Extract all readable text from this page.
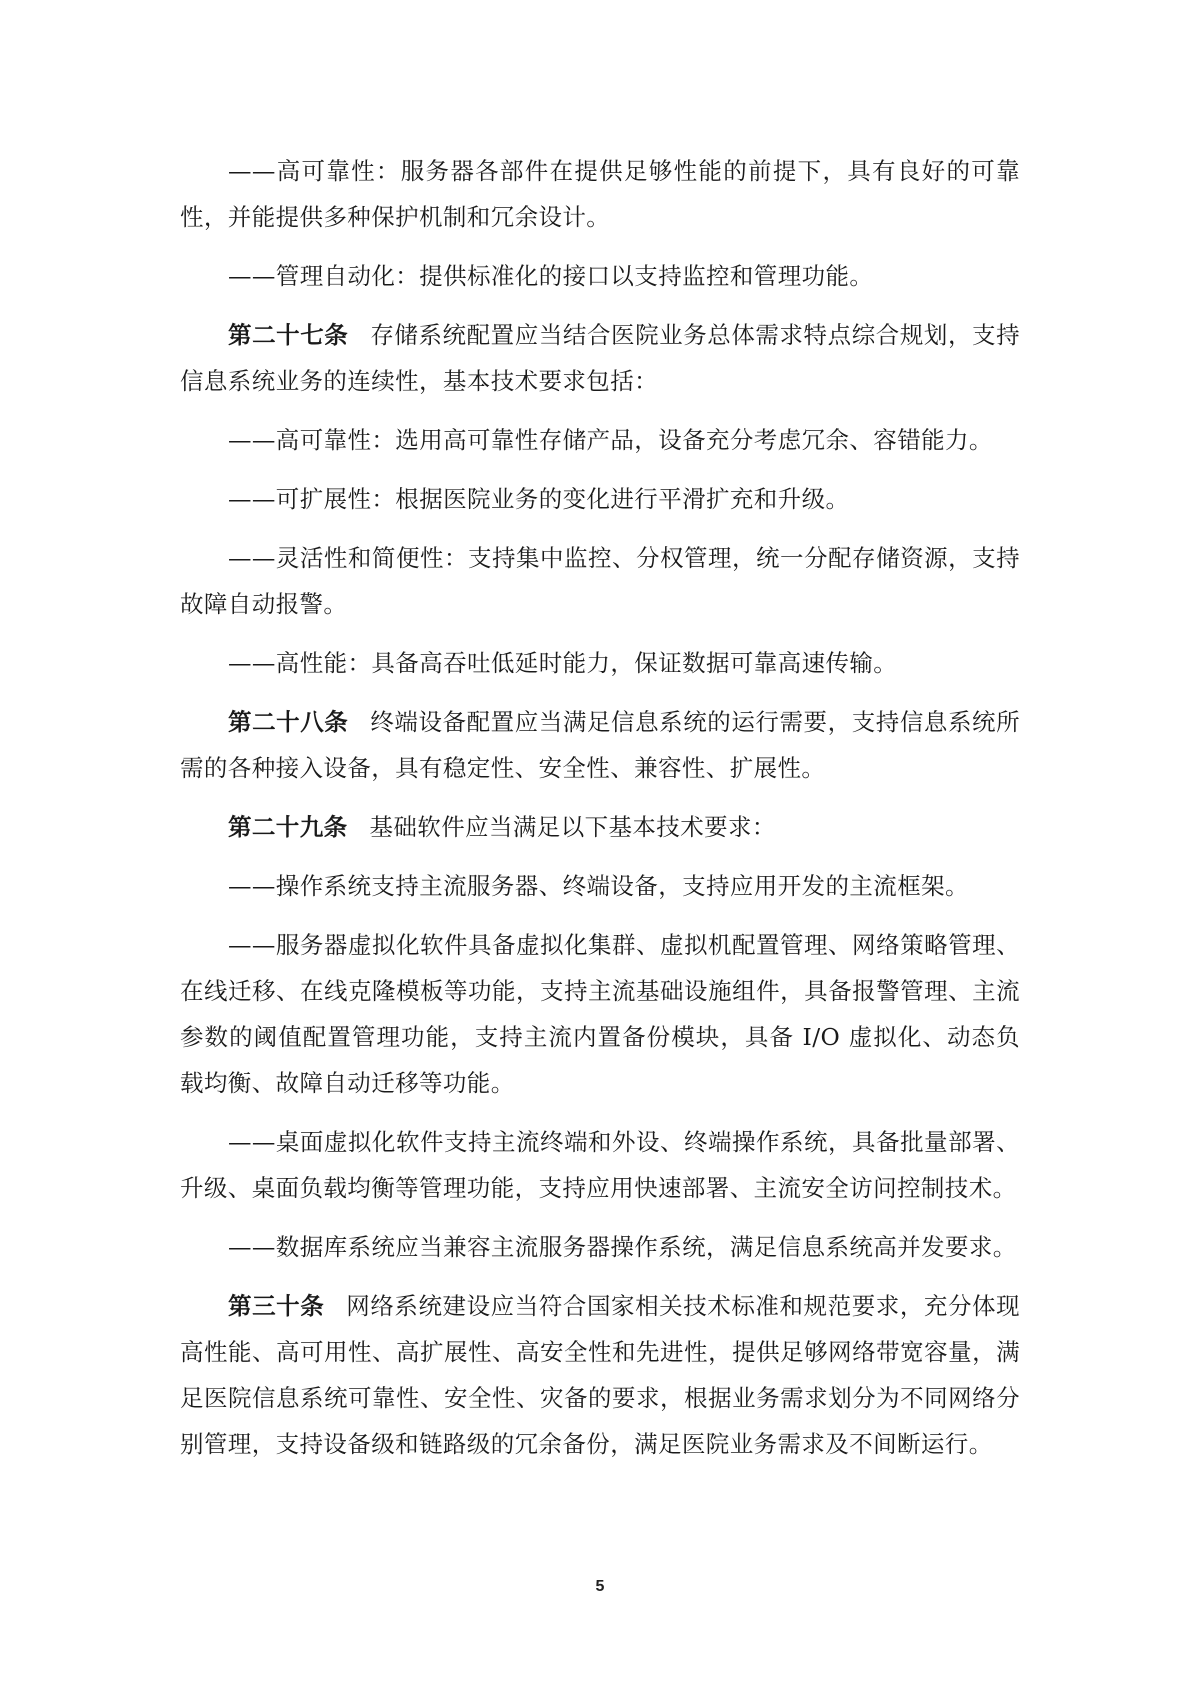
——高可靠性：服务器各部件在提供足够性能的前提下，具有良好的可靠性，并能提供多种保护机制和冗余设计。

——管理自动化：提供标准化的接口以支持监控和管理功能。

第二十七条 存储系统配置应当结合医院业务总体需求特点综合规划，支持信息系统业务的连续性，基本技术要求包括：

——高可靠性：选用高可靠性存储产品，设备充分考虑冗余、容错能力。

——可扩展性：根据医院业务的变化进行平滑扩充和升级。

——灵活性和简便性：支持集中监控、分权管理，统一分配存储资源，支持故障自动报警。

——高性能：具备高吞吐低延时能力，保证数据可靠高速传输。

第二十八条 终端设备配置应当满足信息系统的运行需要，支持信息系统所需的各种接入设备，具有稳定性、安全性、兼容性、扩展性。

第二十九条 基础软件应当满足以下基本技术要求：

——操作系统支持主流服务器、终端设备，支持应用开发的主流框架。

——服务器虚拟化软件具备虚拟化集群、虚拟机配置管理、网络策略管理、在线迁移、在线克隆模板等功能，支持主流基础设施组件，具备报警管理、主流参数的阈值配置管理功能，支持主流内置备份模块，具备 I/O 虚拟化、动态负载均衡、故障自动迁移等功能。

——桌面虚拟化软件支持主流终端和外设、终端操作系统，具备批量部署、升级、桌面负载均衡等管理功能，支持应用快速部署、主流安全访问控制技术。

——数据库系统应当兼容主流服务器操作系统，满足信息系统高并发要求。

第三十条 网络系统建设应当符合国家相关技术标准和规范要求，充分体现高性能、高可用性、高扩展性、高安全性和先进性，提供足够网络带宽容量，满足医院信息系统可靠性、安全性、灾备的要求，根据业务需求划分为不同网络分别管理，支持设备级和链路级的冗余备份，满足医院业务需求及不间断运行。

5
